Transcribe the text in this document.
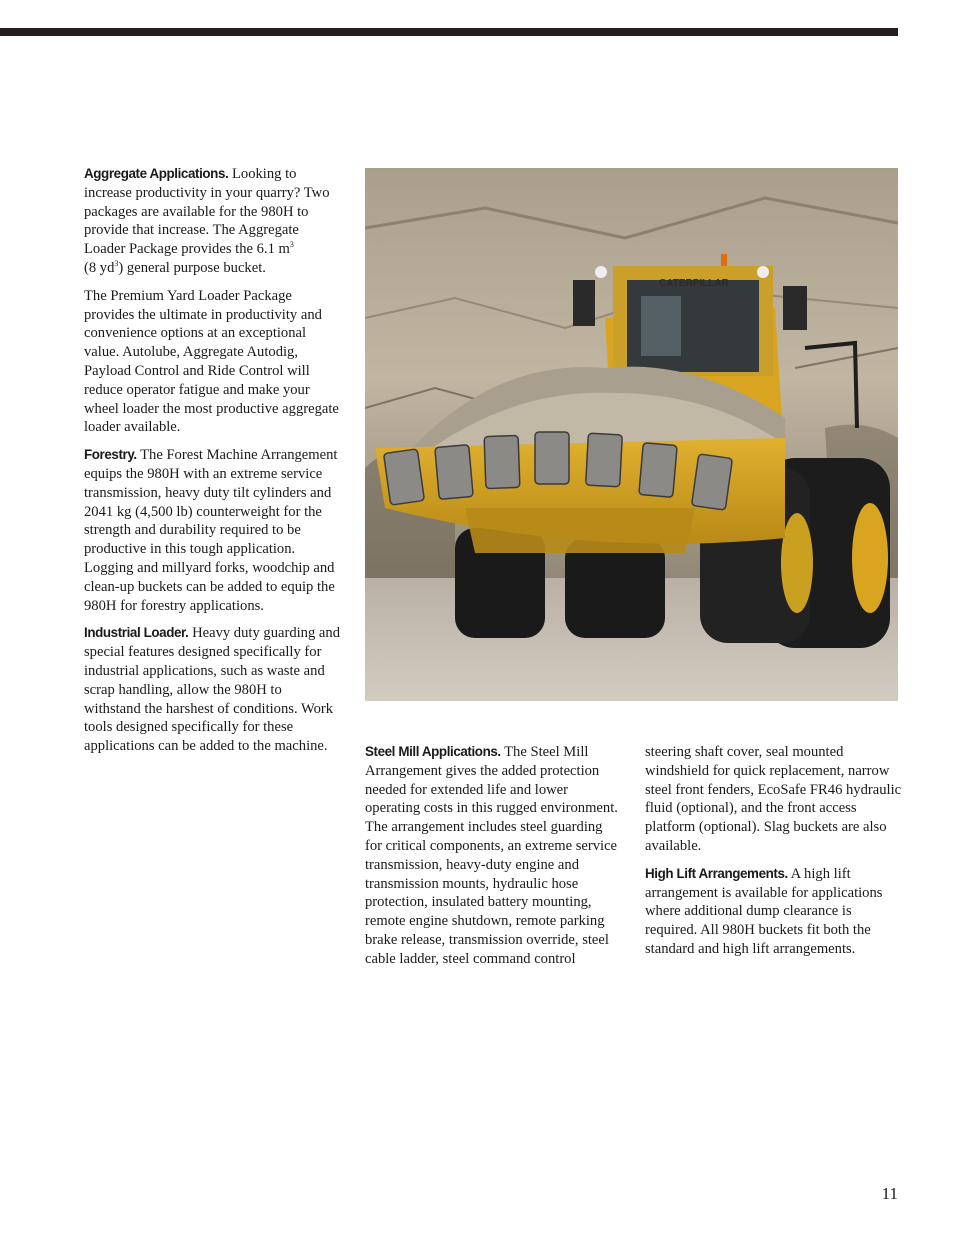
Aggregate Applications. Looking to increase productivity in your quarry? Two packages are available for the 980H to provide that increase. The Aggregate Loader Package provides the 6.1 $m^3$
(8 $yd^3$) general purpose bucket.

The Premium Yard Loader Package provides the ultimate in productivity and convenience options at an exceptional value. Autolube, Aggregate Autodig, Payload Control and Ride Control will reduce operator fatigue and make your wheel loader the most productive aggregate loader available.

Forestry. The Forest Machine Arrangement equips the 980H with an extreme service transmission, heavy duty tilt cylinders and 2041 kg (4,500 lb) counterweight for the strength and durability required to be productive in this tough application. Logging and millyard forks, woodchip and clean-up buckets can be added to equip the 980H for forestry applications.

Industrial Loader. Heavy duty guarding and special features designed specifically for industrial applications, such as waste and scrap handling, allow the 980H to withstand the harshest of conditions. Work tools designed specifically for these applications can be added to the machine.

CATERPILLAR

Steel Mill Applications. The Steel Mill Arrangement gives the added protection needed for extended life and lower operating costs in this rugged environment. The arrangement includes steel guarding for critical components, an extreme service transmission, heavy-duty engine and transmission mounts, hydraulic hose protection, insulated battery mounting, remote engine shutdown, remote parking brake release, transmission override, steel cable ladder, steel command control

steering shaft cover, seal mounted windshield for quick replacement, narrow steel front fenders, EcoSafe FR46 hydraulic fluid (optional), and the front access platform (optional). Slag buckets are also available.

High Lift Arrangements. A high lift arrangement is available for applications where additional dump clearance is required. All 980H buckets fit both the standard and high lift arrangements.

11
